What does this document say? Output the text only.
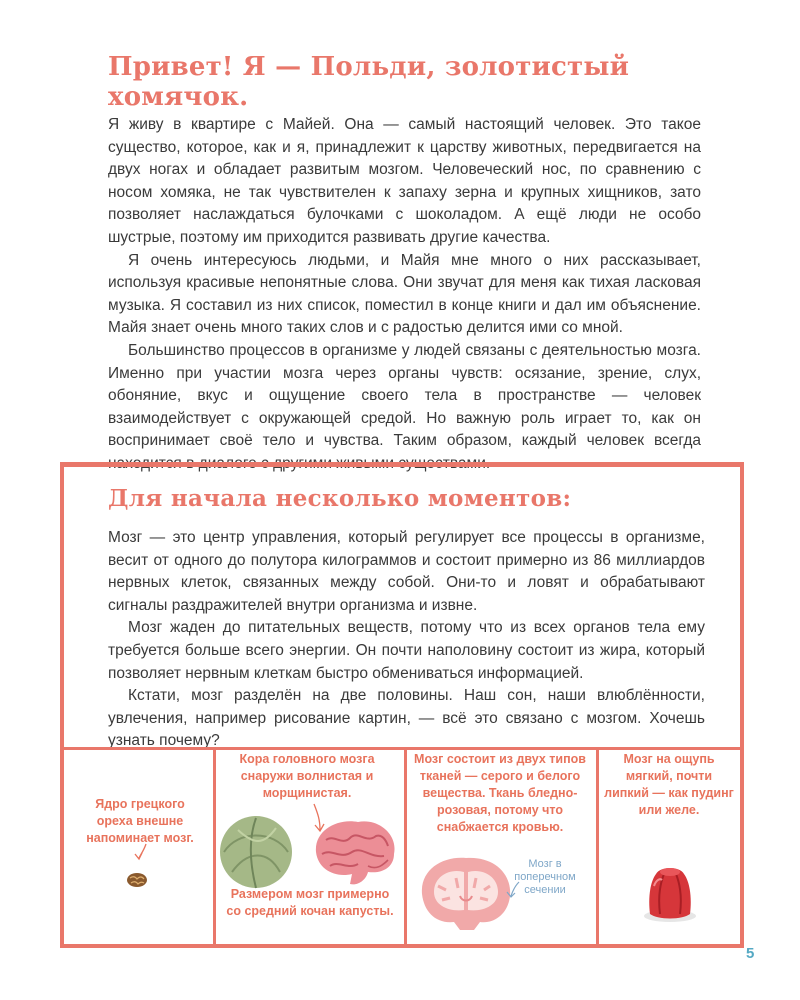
Привет! Я — Польди, золотистый хомячок.

Я живу в квартире с Майей. Она — самый настоящий человек. Это такое существо, которое, как и я, принадлежит к царству животных, передвигается на двух ногах и обладает развитым мозгом. Человеческий нос, по сравнению с носом хомяка, не так чувствителен к запаху зерна и крупных хищников, зато позволяет наслаждаться булочками с шоколадом. А ещё люди не особо шустрые, поэтому им приходится развивать другие качества.

Я очень интересуюсь людьми, и Майя мне много о них рассказывает, используя красивые непонятные слова. Они звучат для меня как тихая ласковая музыка. Я составил из них список, поместил в конце книги и дал им объяснение. Майя знает очень много таких слов и с радостью делится ими со мной.

Большинство процессов в организме у людей связаны с деятельностью мозга. Именно при участии мозга через органы чувств: осязание, зрение, слух, обоняние, вкус и ощущение своего тела в пространстве — человек взаимодействует с окружающей средой. Но важную роль играет то, как он воспринимает своё тело и чувства. Таким образом, каждый человек всегда находится в диалоге с другими живыми существами.

Для начала несколько моментов:

Мозг — это центр управления, который регулирует все процессы в организме, весит от одного до полутора килограммов и состоит примерно из 86 миллиардов нервных клеток, связанных между собой. Они-то и ловят и обрабатывают сигналы раздражителей внутри организма и извне.

Мозг жаден до питательных веществ, потому что из всех органов тела ему требуется больше всего энергии. Он почти наполовину состоит из жира, который позволяет нервным клеткам быстро обмениваться информацией.

Кстати, мозг разделён на две половины. Наш сон, наши влюблённости, увлечения, например рисование картин, — всё это связано с мозгом. Хочешь узнать почему?

Ядро грецкого ореха внешне напоминает мозг.
Кора головного мозга снаружи волнистая и морщинистая.
Размером мозг примерно со средний кочан капусты.
Мозг состоит из двух типов тканей — серого и белого вещества. Ткань бледно-розовая, потому что снабжается кровью.
Мозг в поперечном сечении
Мозг на ощупь мягкий, почти липкий — как пудинг или желе.
5
